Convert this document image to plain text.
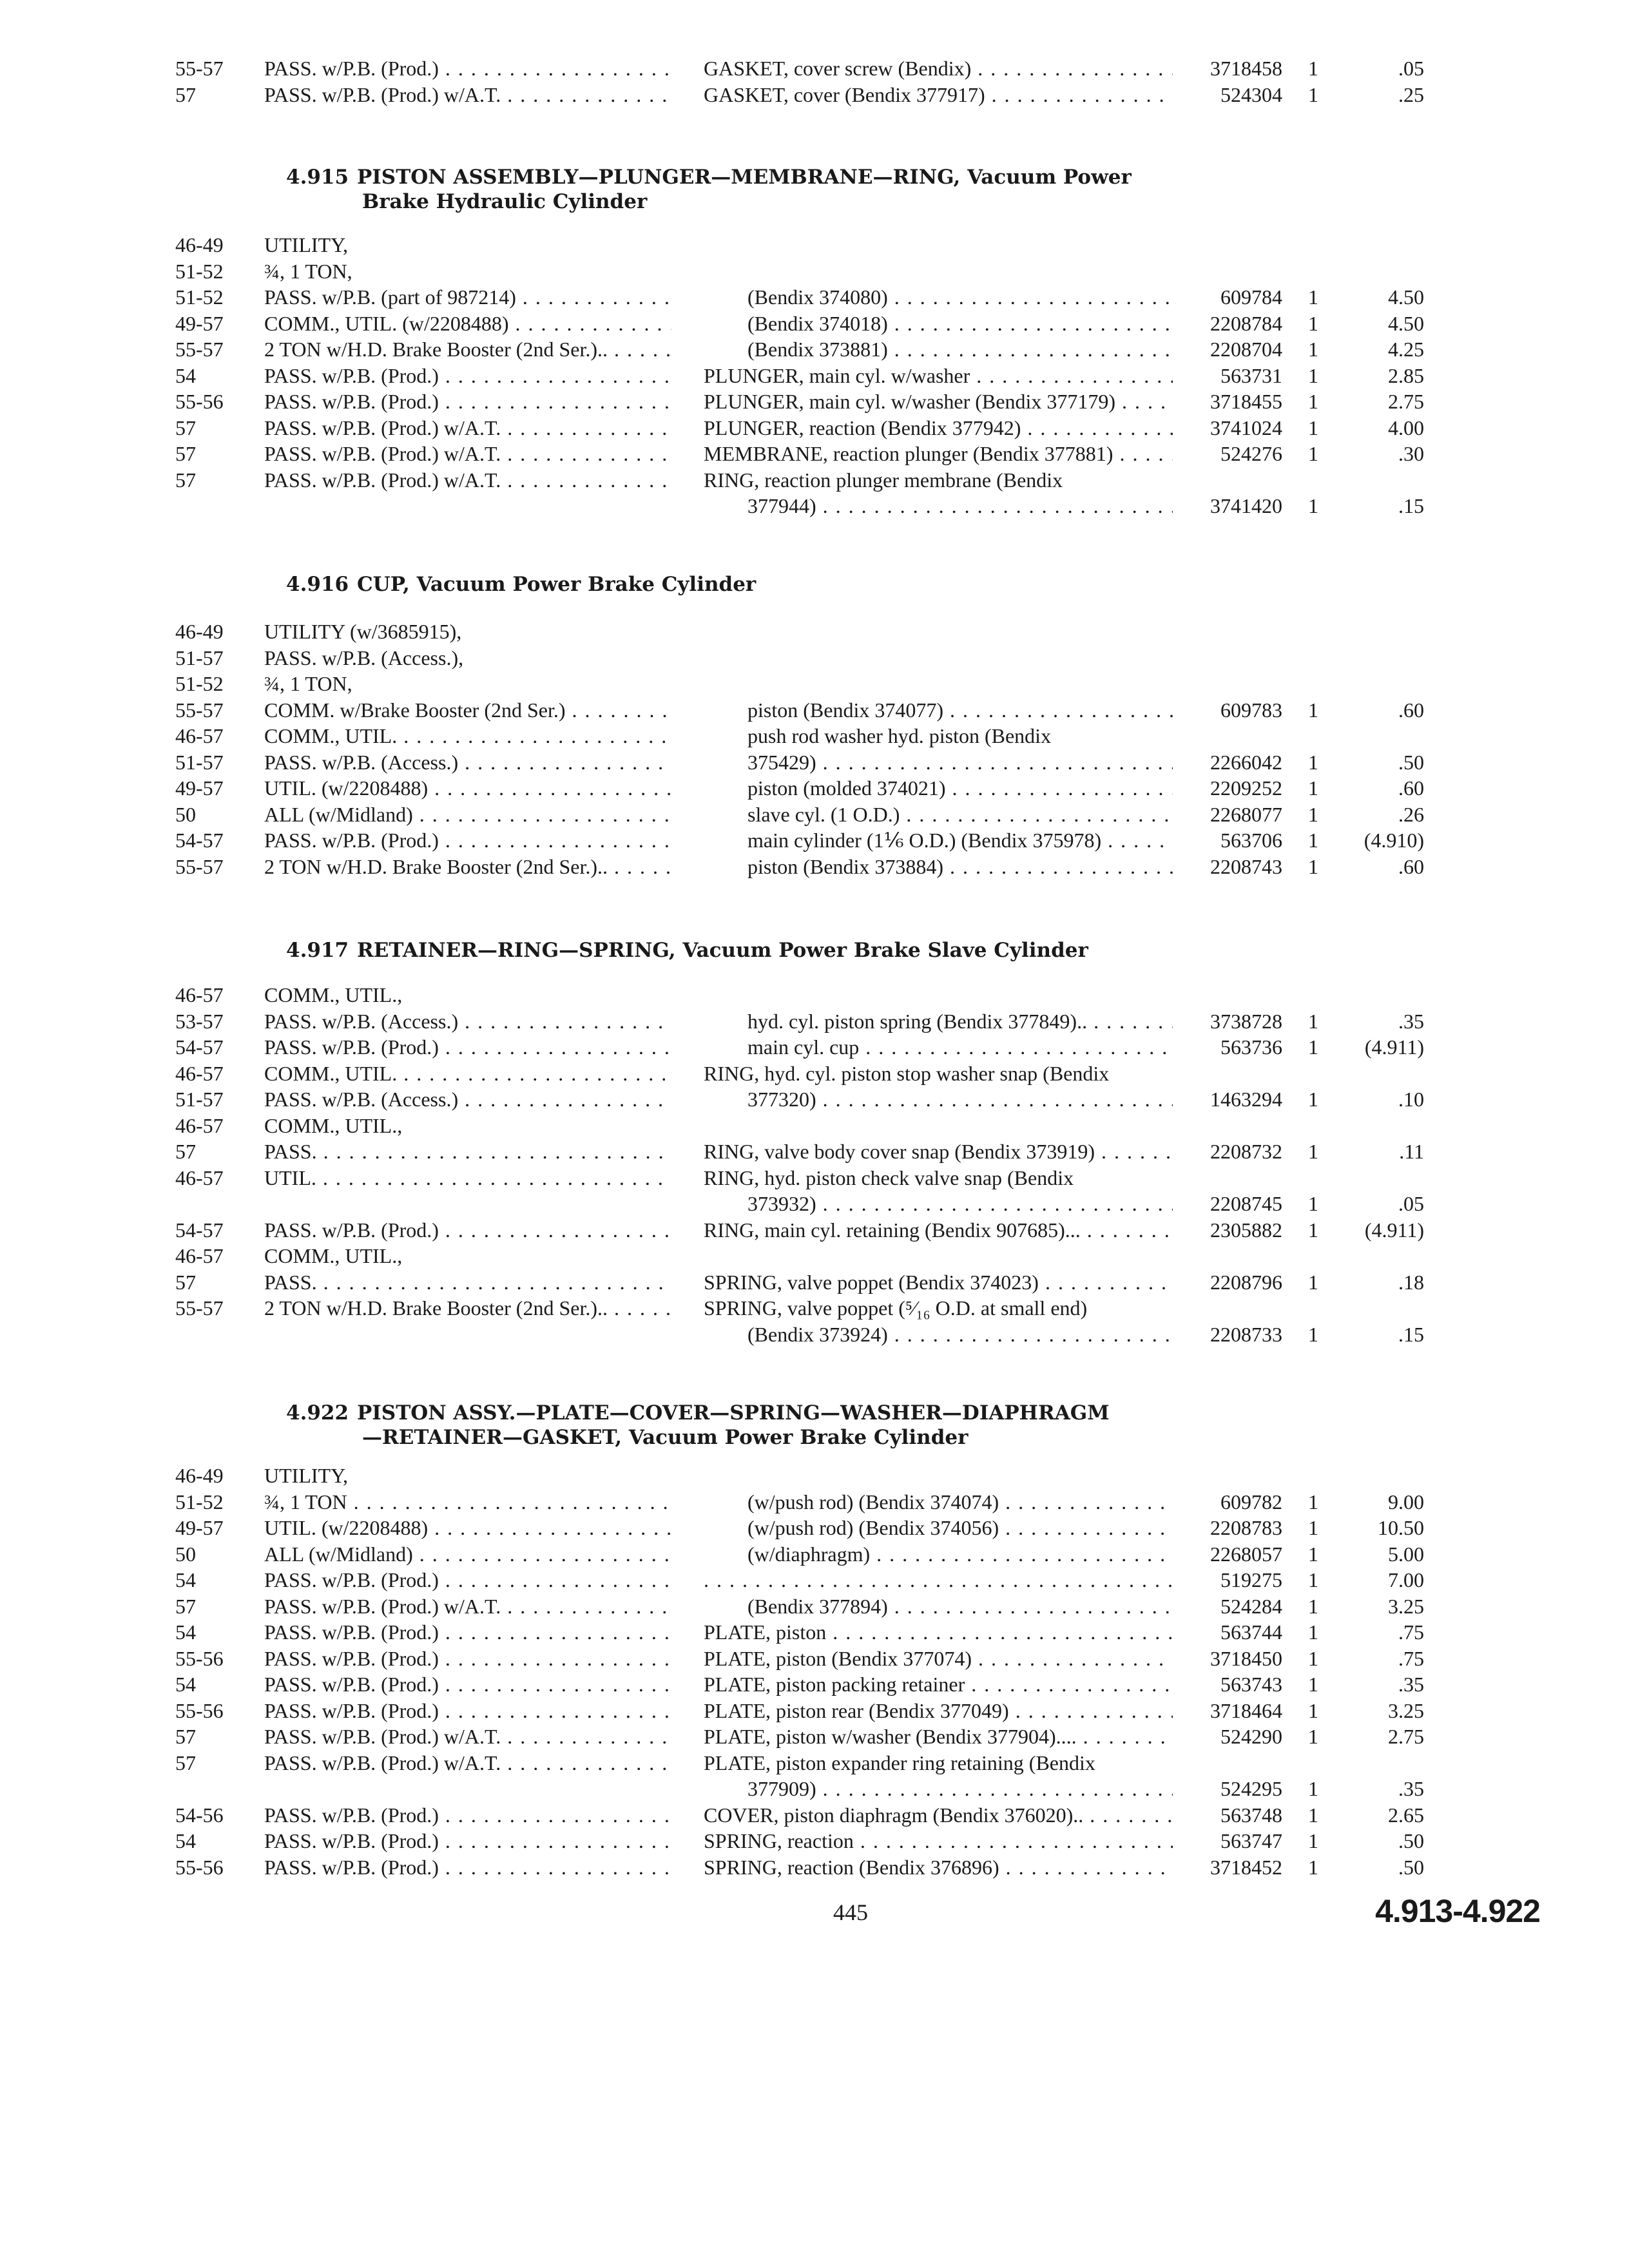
55-57	PASS. w/P.B. (Prod.) . . .	GASKET, cover screw (Bendix) . . .	3718458	1	.05
57	PASS. w/P.B. (Prod.) w/A.T. . . .	GASKET, cover (Bendix 377917) . . .	524304	1	.25
4.915 PISTON ASSEMBLY—PLUNGER—MEMBRANE—RING, Vacuum Power
Brake Hydraulic Cylinder
46-49	UTILITY,
51-52	¾, 1 TON,
51-52	PASS. w/P.B. (part of 987214) . . .	(Bendix 374080) . . .	609784	1	4.50
49-57	COMM., UTIL. (w/2208488) . . .	(Bendix 374018) . . .	2208784	1	4.50
55-57	2 TON w/H.D. Brake Booster (2nd Ser.).. . . .	(Bendix 373881) . . .	2208704	1	4.25
54	PASS. w/P.B. (Prod.) . . .	PLUNGER, main cyl. w/washer . . .	563731	1	2.85
55-56	PASS. w/P.B. (Prod.) . . .	PLUNGER, main cyl. w/washer (Bendix 377179) . . .	3718455	1	2.75
57	PASS. w/P.B. (Prod.) w/A.T. . . .	PLUNGER, reaction (Bendix 377942) . . .	3741024	1	4.00
57	PASS. w/P.B. (Prod.) w/A.T. . . .	MEMBRANE, reaction plunger (Bendix 377881) . . .	524276	1	.30
57	PASS. w/P.B. (Prod.) w/A.T. . . .	RING, reaction plunger membrane (Bendix
377944) . . .	3741420	1	.15
4.916 CUP, Vacuum Power Brake Cylinder
46-49	UTILITY (w/3685915),
51-57	PASS. w/P.B. (Access.),
51-52	¾, 1 TON,
55-57	COMM. w/Brake Booster (2nd Ser.) . . .	piston (Bendix 374077) . . .	609783	1	.60
46-57	COMM., UTIL. . . .	push rod washer hyd. piston (Bendix
51-57	PASS. w/P.B. (Access.) . . .	375429) . . .	2266042	1	.50
49-57	UTIL. (w/2208488) . . .	piston (molded 374021) . . .	2209252	1	.60
50	ALL (w/Midland) . . .	slave cyl. (1 O.D.) . . .	2268077	1	.26
54-57	PASS. w/P.B. (Prod.) . . .	main cylinder (1⅙ O.D.) (Bendix 375978) . . .	563706	1	(4.910)
55-57	2 TON w/H.D. Brake Booster (2nd Ser.).. . . .	piston (Bendix 373884) . . .	2208743	1	.60
4.917 RETAINER—RING—SPRING, Vacuum Power Brake Slave Cylinder
46-57	COMM., UTIL.,
53-57	PASS. w/P.B. (Access.) . . .	hyd. cyl. piston spring (Bendix 377849).. . . .	3738728	1	.35
54-57	PASS. w/P.B. (Prod.) . . .	main cyl. cup . . .	563736	1	(4.911)
46-57	COMM., UTIL. . . .	RING, hyd. cyl. piston stop washer snap (Bendix
51-57	PASS. w/P.B. (Access.) . . .	377320) . . .	1463294	1	.10
46-57	COMM., UTIL.,
57	PASS. . . .	RING, valve body cover snap (Bendix 373919) . . .	2208732	1	.11
46-57	UTIL. . . .	RING, hyd. piston check valve snap (Bendix
373932) . . .	2208745	1	.05
54-57	PASS. w/P.B. (Prod.) . . .	RING, main cyl. retaining (Bendix 907685)... . . .	2305882	1	(4.911)
46-57	COMM., UTIL.,
57	PASS. . . .	SPRING, valve poppet (Bendix 374023) . . .	2208796	1	.18
55-57	2 TON w/H.D. Brake Booster (2nd Ser.).. . . .	SPRING, valve poppet (⁵⁄₁₆ O.D. at small end)
(Bendix 373924) . . .	2208733	1	.15
4.922 PISTON ASSY.—PLATE—COVER—SPRING—WASHER—DIAPHRAGM
—RETAINER—GASKET, Vacuum Power Brake Cylinder
46-49	UTILITY,
51-52	¾, 1 TON . . .	(w/push rod) (Bendix 374074) . . .	609782	1	9.00
49-57	UTIL. (w/2208488) . . .	(w/push rod) (Bendix 374056) . . .	2208783	1	10.50
50	ALL (w/Midland) . . .	(w/diaphragm) . . .	2268057	1	5.00
54	PASS. w/P.B. (Prod.) . . .
. . .	519275	1	7.00
57	PASS. w/P.B. (Prod.) w/A.T. . . .	(Bendix 377894) . . .	524284	1	3.25
54	PASS. w/P.B. (Prod.) . . .	PLATE, piston . . .	563744	1	.75
55-56	PASS. w/P.B. (Prod.) . . .	PLATE, piston (Bendix 377074) . . .	3718450	1	.75
54	PASS. w/P.B. (Prod.) . . .	PLATE, piston packing retainer . . .	563743	1	.35
55-56	PASS. w/P.B. (Prod.) . . .	PLATE, piston rear (Bendix 377049) . . .	3718464	1	3.25
57	PASS. w/P.B. (Prod.) w/A.T. . . .	PLATE, piston w/washer (Bendix 377904).... . . .	524290	1	2.75
57	PASS. w/P.B. (Prod.) w/A.T. . . .	PLATE, piston expander ring retaining (Bendix
377909) . . .	524295	1	.35
54-56	PASS. w/P.B. (Prod.) . . .	COVER, piston diaphragm (Bendix 376020).. . . .	563748	1	2.65
54	PASS. w/P.B. (Prod.) . . .	SPRING, reaction . . .	563747	1	.50
55-56	PASS. w/P.B. (Prod.) . . .	SPRING, reaction (Bendix 376896) . . .	3718452	1	.50
445	4.913-4.922
